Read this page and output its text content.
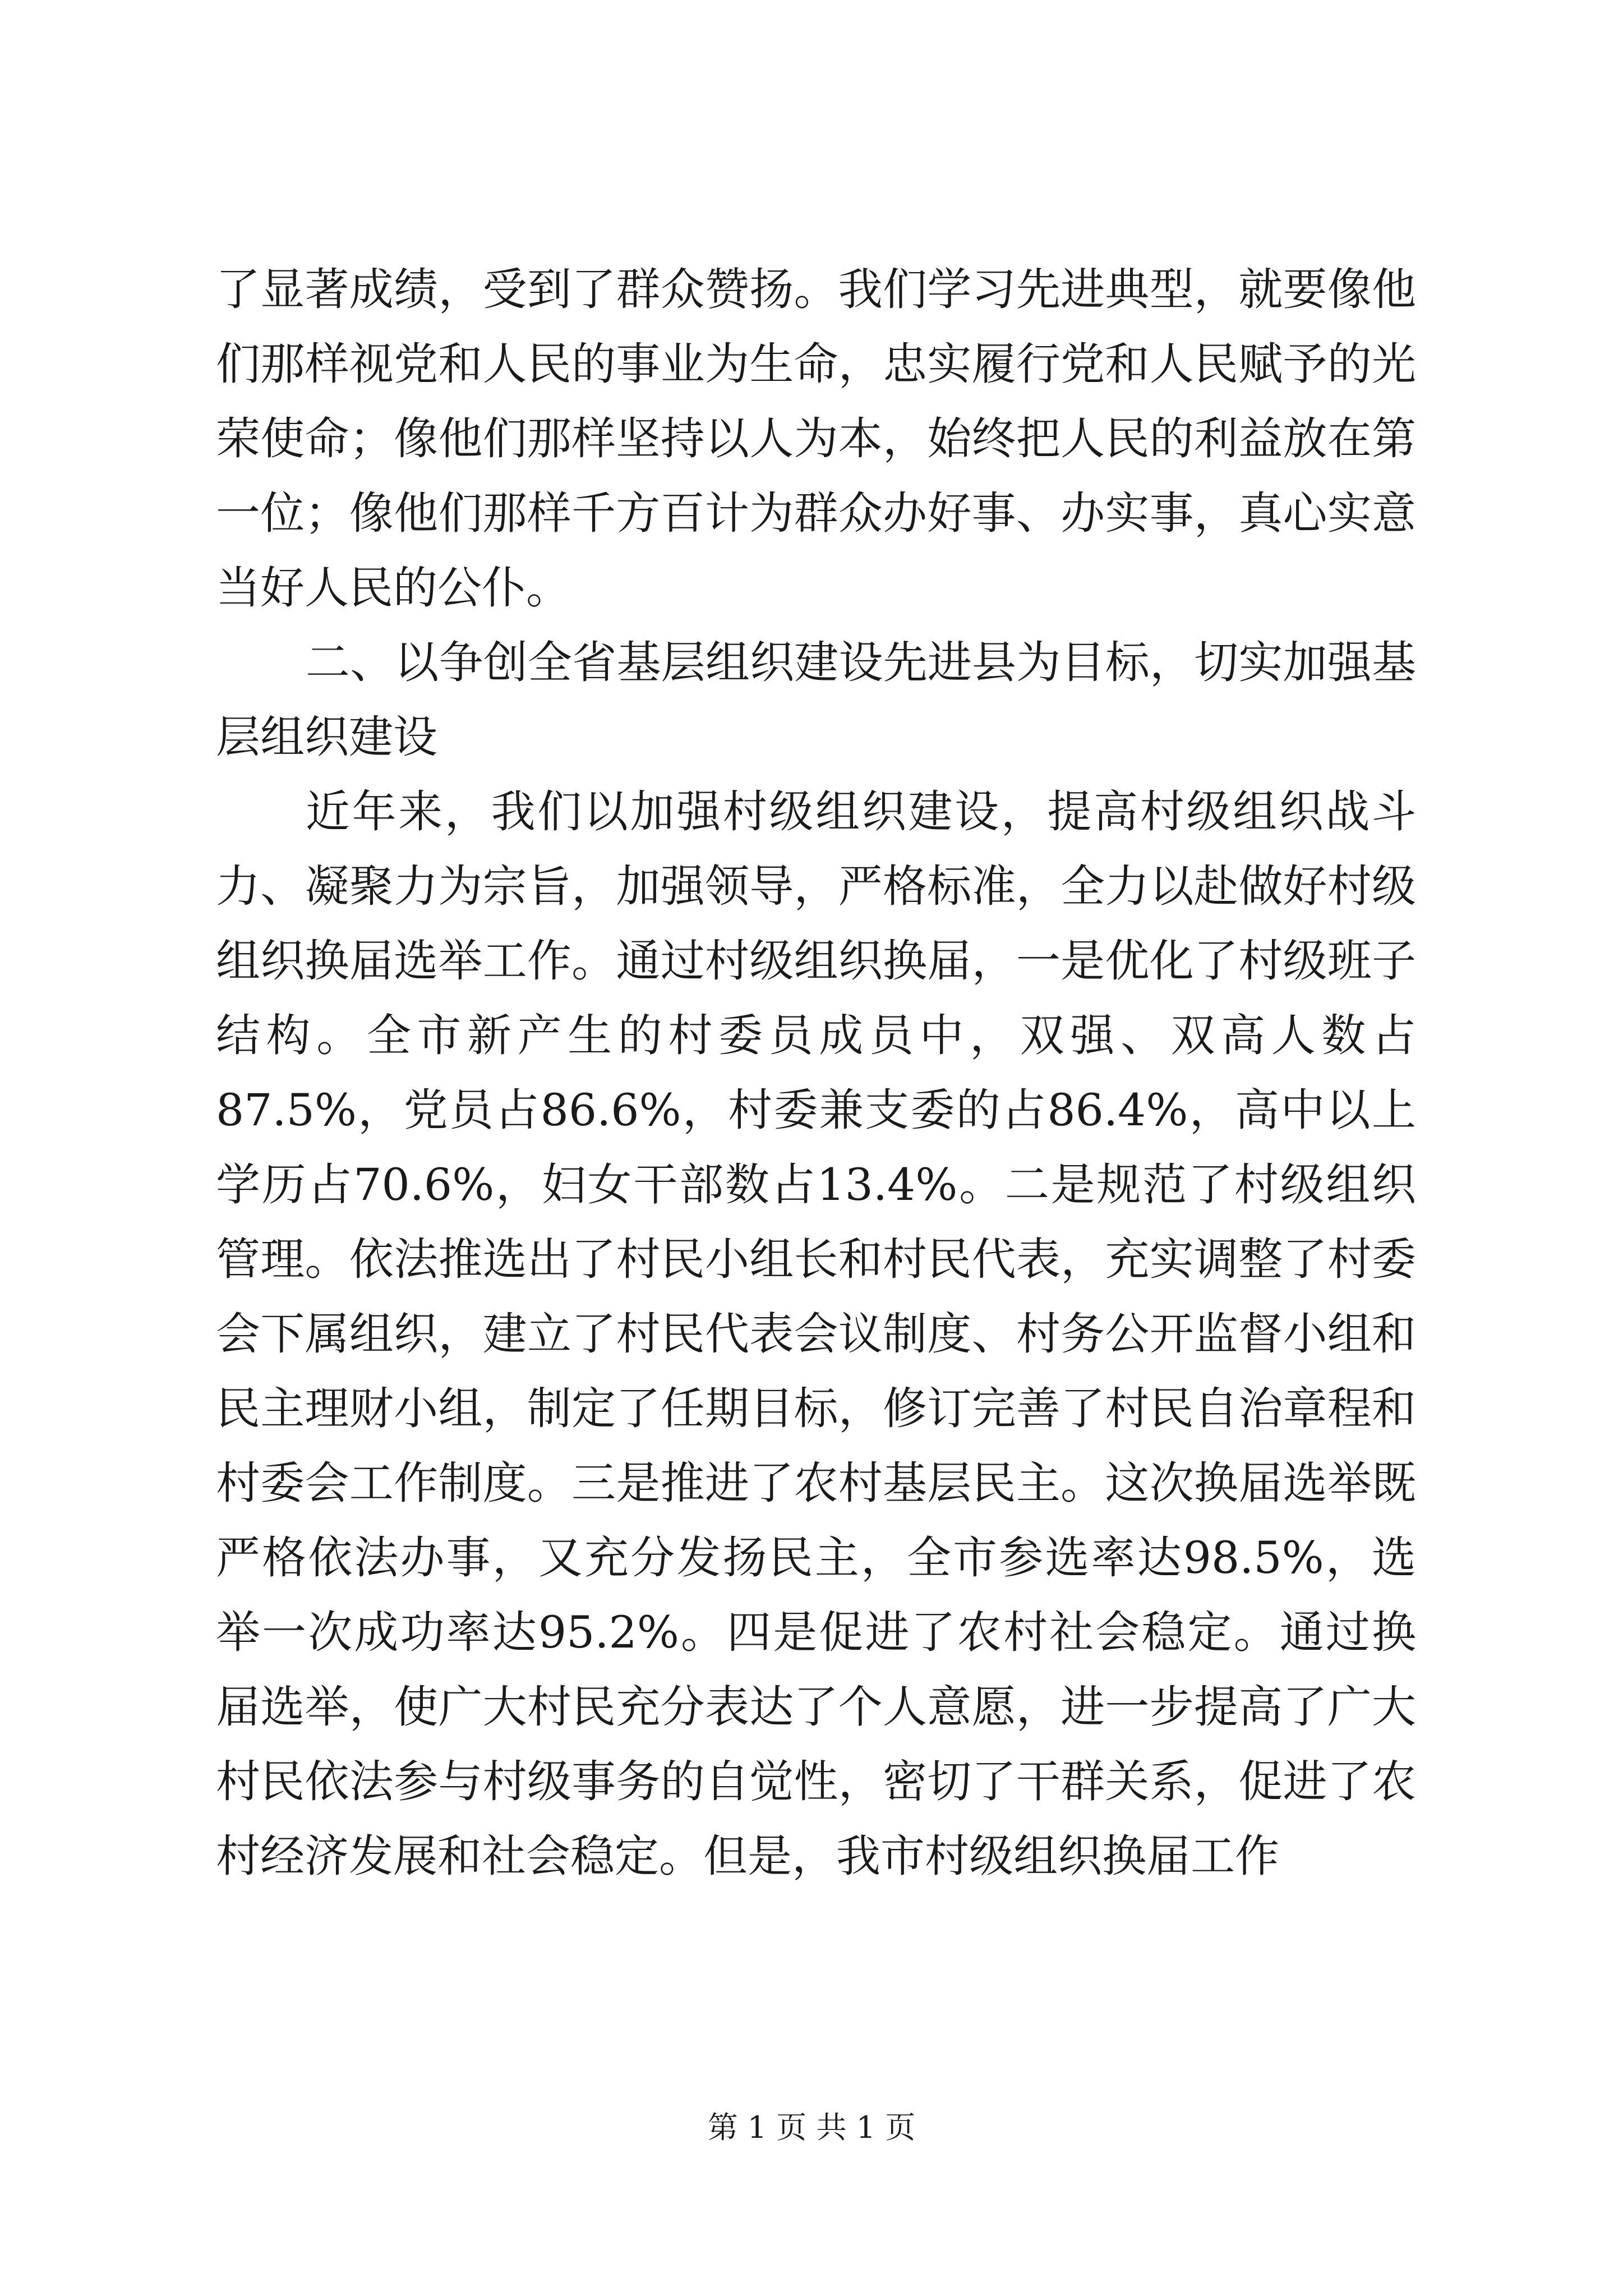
了显著成绩，受到了群众赞扬。我们学习先进典型，就要像他们那样视党和人民的事业为生命，忠实履行党和人民赋予的光荣使命；像他们那样坚持以人为本，始终把人民的利益放在第一位；像他们那样千方百计为群众办好事、办实事，真心实意当好人民的公仆。

二、以争创全省基层组织建设先进县为目标，切实加强基层组织建设

近年来，我们以加强村级组织建设，提高村级组织战斗力、凝聚力为宗旨，加强领导，严格标准，全力以赴做好村级组织换届选举工作。通过村级组织换届，一是优化了村级班子结构。全市新产生的村委员成员中，双强、双高人数占87.5%，党员占86.6%，村委兼支委的占86.4%，高中以上学历占70.6%，妇女干部数占13.4%。二是规范了村级组织管理。依法推选出了村民小组长和村民代表，充实调整了村委会下属组织，建立了村民代表会议制度、村务公开监督小组和民主理财小组，制定了任期目标，修订完善了村民自治章程和村委会工作制度。三是推进了农村基层民主。这次换届选举既严格依法办事，又充分发扬民主，全市参选率达98.5%，选举一次成功率达95.2%。四是促进了农村社会稳定。通过换届选举，使广大村民充分表达了个人意愿，进一步提高了广大村民依法参与村级事务的自觉性，密切了干群关系，促进了农村经济发展和社会稳定。但是，我市村级组织换届工作

第 1 页 共 1 页
